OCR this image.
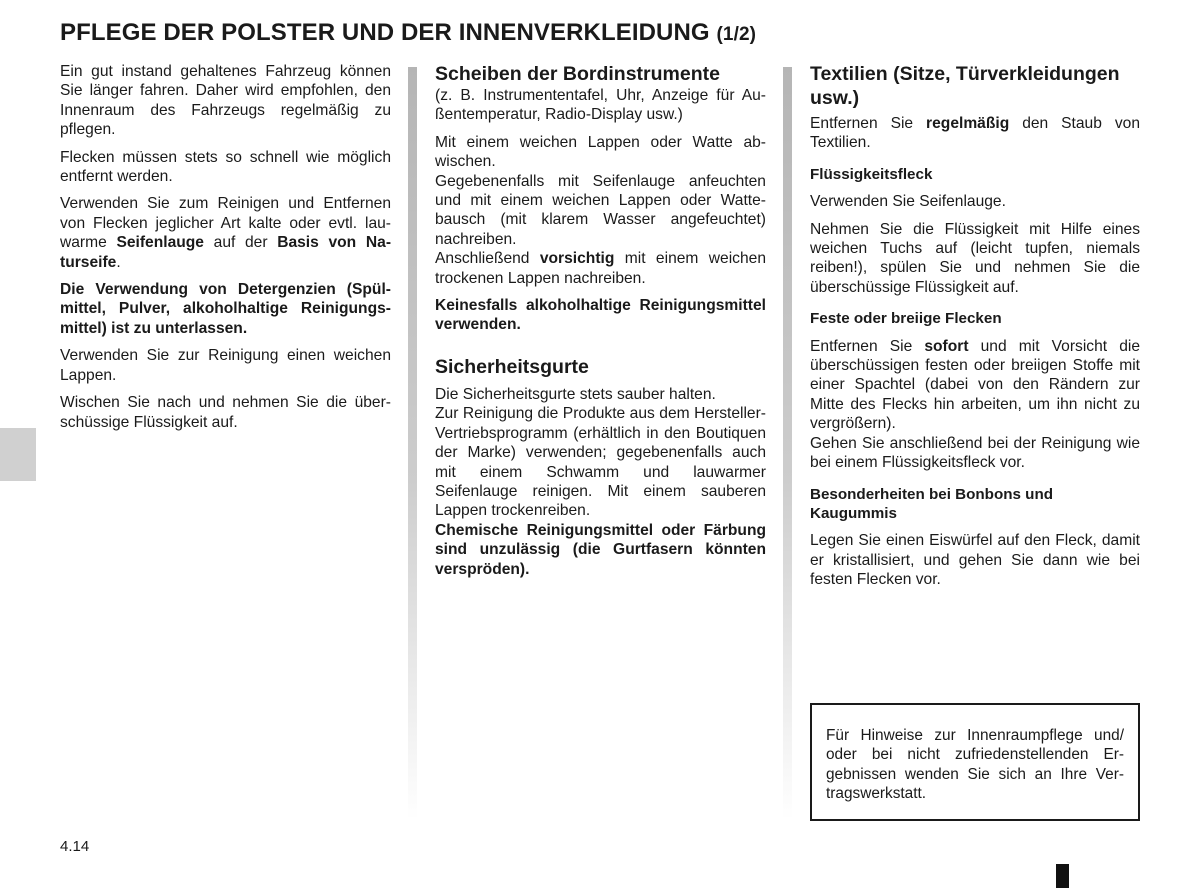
PFLEGE DER POLSTER UND DER INNENVERKLEIDUNG (1/2)

Ein gut instand gehaltenes Fahrzeug können Sie länger fahren. Daher wird empfohlen, den Innenraum des Fahrzeugs regelmäßig zu pflegen.

Flecken müssen stets so schnell wie möglich entfernt werden.

Verwenden Sie zum Reinigen und Entfernen von Flecken jeglicher Art kalte oder evtl. lauwarme Seifenlauge auf der Basis von Naturseife.

Die Verwendung von Detergenzien (Spülmittel, Pulver, alkoholhaltige Reinigungsmittel) ist zu unterlassen.

Verwenden Sie zur Reinigung einen weichen Lappen.

Wischen Sie nach und nehmen Sie die überschüssige Flüssigkeit auf.

Scheiben der Bordinstrumente

(z. B. Instrumententafel, Uhr, Anzeige für Außentemperatur, Radio-Display usw.)

Mit einem weichen Lappen oder Watte abwischen.

Gegebenenfalls mit Seifenlauge anfeuchten und mit einem weichen Lappen oder Wattebausch (mit klarem Wasser angefeuchtet) nachreiben.

Anschließend vorsichtig mit einem weichen trockenen Lappen nachreiben.

Keinesfalls alkoholhaltige Reinigungsmittel verwenden.

Sicherheitsgurte

Die Sicherheitsgurte stets sauber halten.

Zur Reinigung die Produkte aus dem Hersteller-Vertriebsprogramm (erhältlich in den Boutiquen der Marke) verwenden; gegebenenfalls auch mit einem Schwamm und lauwarmer Seifenlauge reinigen. Mit einem sauberen Lappen trockenreiben.

Chemische Reinigungsmittel oder Färbung sind unzulässig (die Gurtfasern könnten verspröden).

Textilien (Sitze, Türverkleidungen usw.)

Entfernen Sie regelmäßig den Staub von Textilien.

Flüssigkeitsfleck

Verwenden Sie Seifenlauge.

Nehmen Sie die Flüssigkeit mit Hilfe eines weichen Tuchs auf (leicht tupfen, niemals reiben!), spülen Sie und nehmen Sie die überschüssige Flüssigkeit auf.

Feste oder breiige Flecken

Entfernen Sie sofort und mit Vorsicht die überschüssigen festen oder breiigen Stoffe mit einer Spachtel (dabei von den Rändern zur Mitte des Flecks hin arbeiten, um ihn nicht zu vergrößern).

Gehen Sie anschließend bei der Reinigung wie bei einem Flüssigkeitsfleck vor.

Besonderheiten bei Bonbons und Kaugummis

Legen Sie einen Eiswürfel auf den Fleck, damit er kristallisiert, und gehen Sie dann wie bei festen Flecken vor.

Für Hinweise zur Innenraumpflege und/ oder bei nicht zufriedenstellenden Ergebnissen wenden Sie sich an Ihre Vertragswerkstatt.
4.14
